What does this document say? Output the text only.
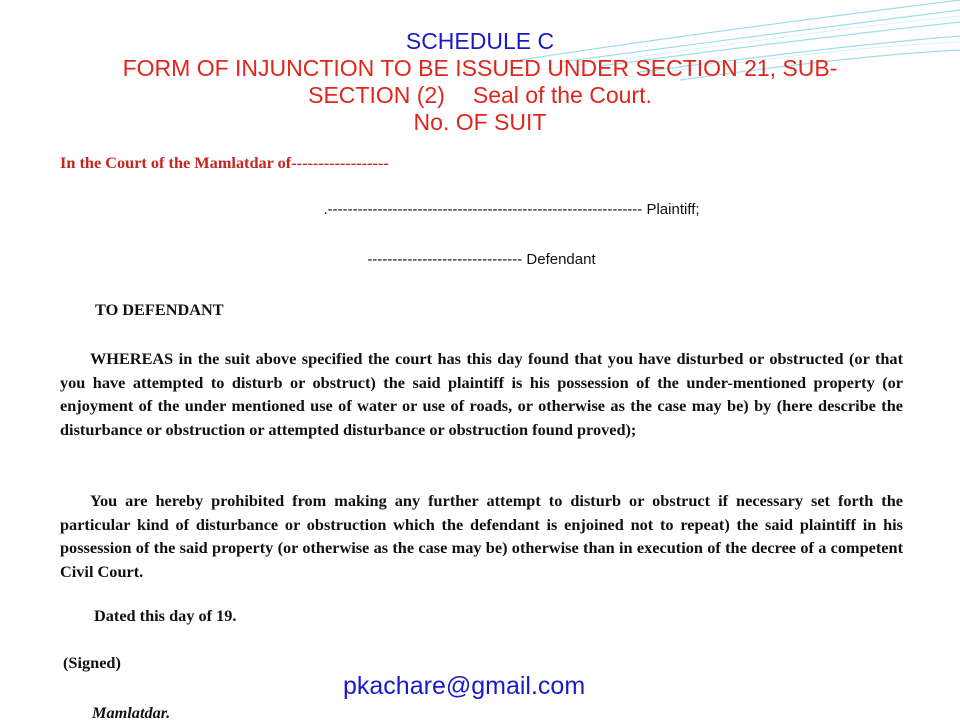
SCHEDULE C
FORM OF INJUNCTION TO BE ISSUED UNDER SECTION 21, SUB-
SECTION (2) Seal of the Court.
No. OF SUIT
In the Court of the Mamlatdar of------------------
.--------------------------------------------------------------- Plaintiff;
------------------------------- Defendant
TO DEFENDANT

WHEREAS in the suit above specified the court has this day found that you have disturbed or obstructed (or that you have attempted to disturb or obstruct) the said plaintiff is his possession of the under-mentioned property (or enjoyment of the under mentioned use of water or use of roads, or otherwise as the case may be) by (here describe the disturbance or obstruction or attempted disturbance or obstruction found proved);

You are hereby prohibited from making any further attempt to disturb or obstruct if necessary set forth the particular kind of disturbance or obstruction which the defendant is enjoined not to repeat) the said plaintiff in his possession of the said property (or otherwise as the case may be) otherwise than in execution of the decree of a competent Civil Court.

Dated this day of 19.
(Signed)
Mamlatdar.
pkachare@gmail.com
